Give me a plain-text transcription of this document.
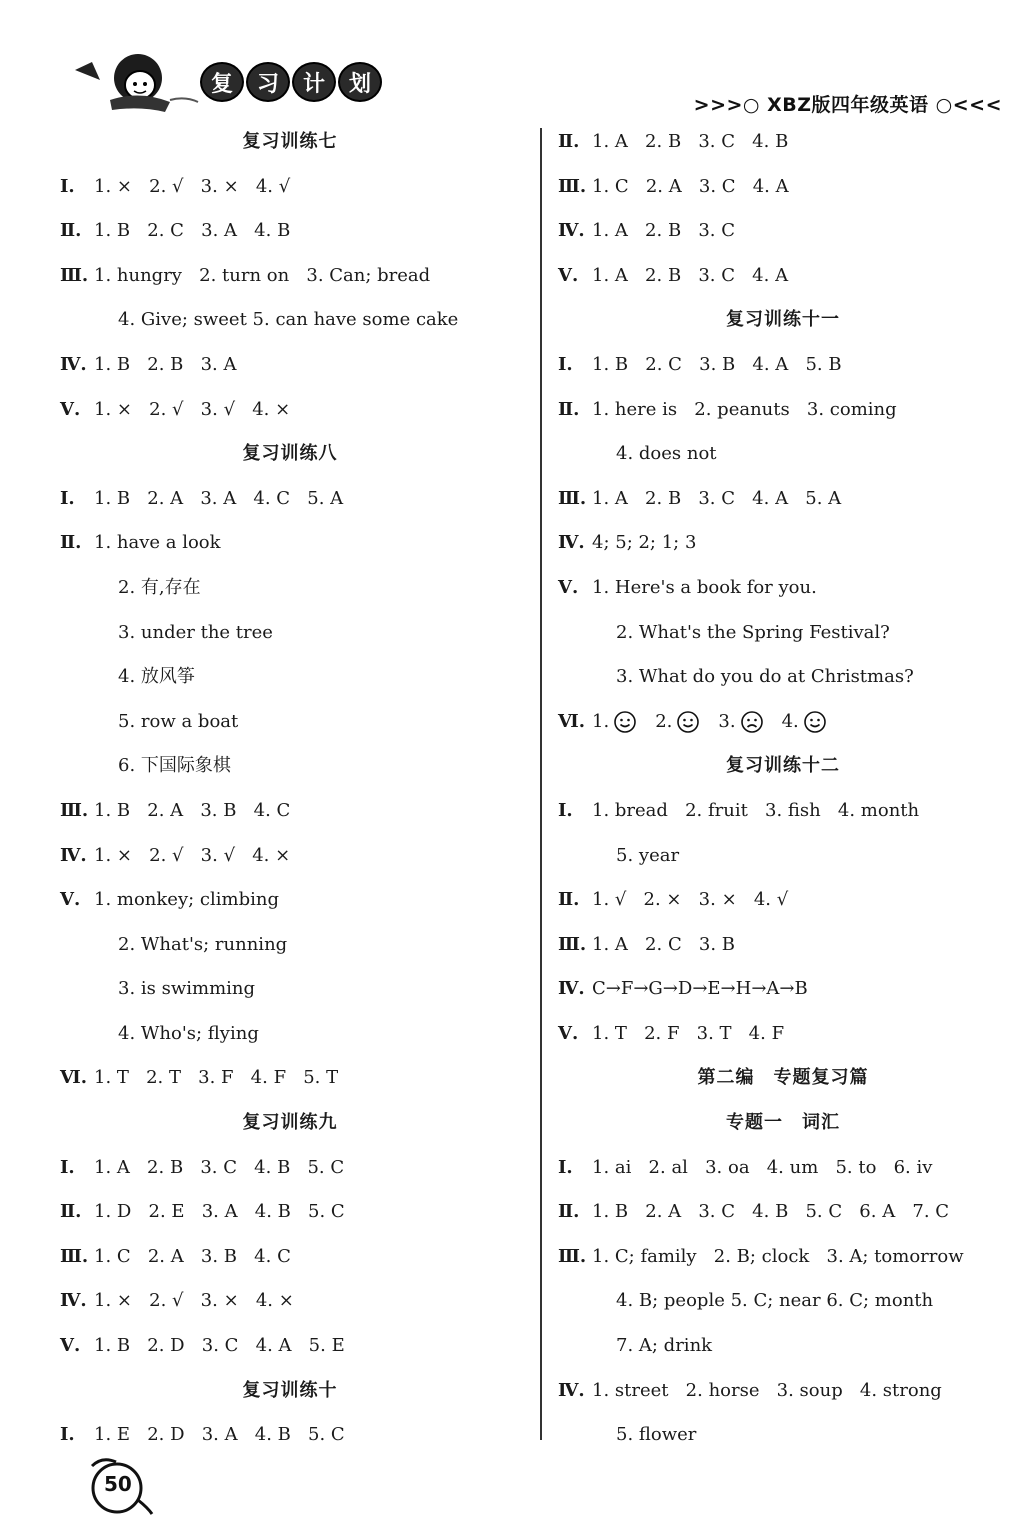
复	习	计	划
>>>○ XBZ版四年级英语 ○<<<
复习训练七
Ⅰ.	1. ×   2. √   3. ×   4. √
Ⅱ. 1. B   2. C   3. A   4. B
Ⅲ. 1. hungry   2. turn on   3. Can; bread
4. Give; sweet 5. can have some cake
Ⅳ. 1. B   2. B   3. A
Ⅴ. 1. ×   2. √   3. √   4. ×
复习训练八
Ⅰ.	1. B   2. A   3. A   4. C   5. A
Ⅱ. 1. have a look
2. 有,存在
3. under the tree
4. 放风筝
5. row a boat
6. 下国际象棋
Ⅲ. 1. B   2. A   3. B   4. C
Ⅳ. 1. ×   2. √   3. √   4. ×
Ⅴ. 1. monkey; climbing
2. What's; running
3. is swimming
4. Who's; flying
Ⅵ. 1. T   2. T   3. F   4. F   5. T
复习训练九
Ⅰ.	1. A   2. B   3. C   4. B   5. C
Ⅱ. 1. D   2. E   3. A   4. B   5. C
Ⅲ. 1. C   2. A   3. B   4. C
Ⅳ. 1. ×   2. √   3. ×   4. ×
Ⅴ. 1. B   2. D   3. C   4. A   5. E
复习训练十
Ⅰ.	1. E   2. D   3. A   4. B   5. C
Ⅱ. 1. A   2. B   3. C   4. B
Ⅲ. 1. C   2. A   3. C   4. A
Ⅳ. 1. A   2. B   3. C
Ⅴ. 1. A   2. B   3. C   4. A
复习训练十一
Ⅰ.	1. B   2. C   3. B   4. A   5. B
Ⅱ. 1. here is   2. peanuts   3. coming
4. does not
Ⅲ. 1. A   2. B   3. C   4. A   5. A
Ⅳ. 4; 5; 2; 1; 3
Ⅴ. 1. Here's a book for you.
2. What's the Spring Festival?
3. What do you do at Christmas?
Ⅵ. 1.	2.	3.	4.
复习训练十二
Ⅰ.	1. bread   2. fruit   3. fish   4. month
5. year
Ⅱ. 1. √   2. ×   3. ×   4. √
Ⅲ. 1. A   2. C   3. B
Ⅳ. C→F→G→D→E→H→A→B
Ⅴ. 1. T   2. F   3. T   4. F
第二编　专题复习篇
专题一　词汇
Ⅰ.	1. ai   2. al   3. oa   4. um   5. to   6. iv
Ⅱ. 1. B   2. A   3. C   4. B   5. C   6. A   7. C
Ⅲ. 1. C; family   2. B; clock   3. A; tomorrow
4. B; people 5. C; near 6. C; month
7. A; drink
Ⅳ. 1. street   2. horse   3. soup   4. strong
5. flower
50
